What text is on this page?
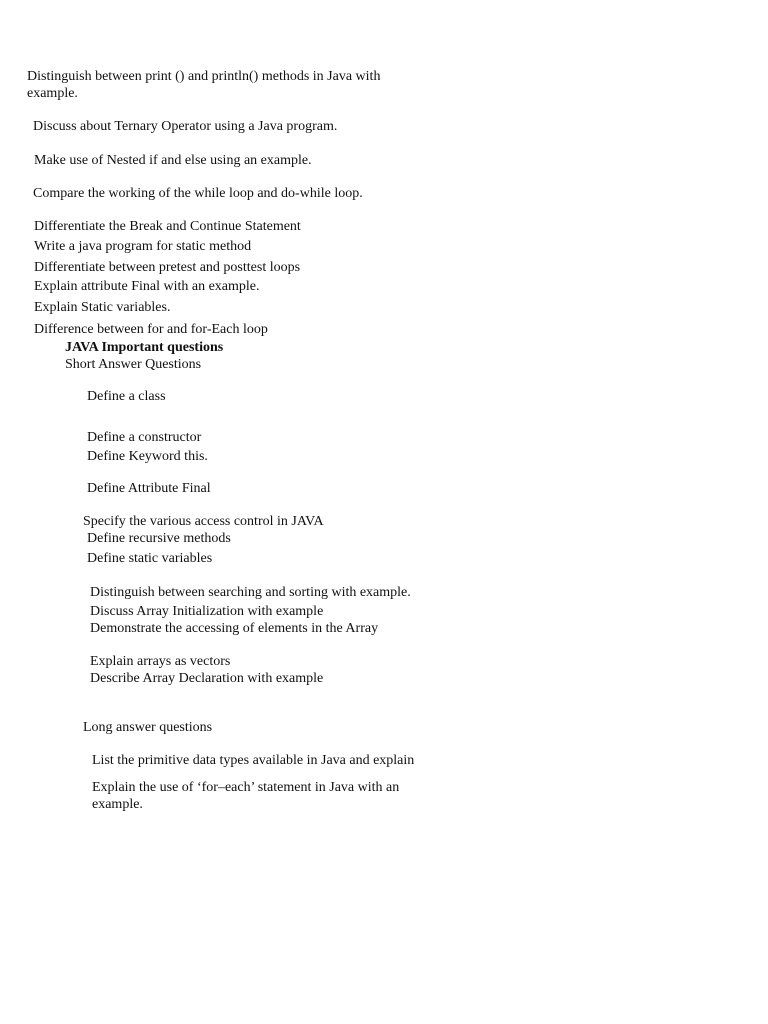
Distinguish between print () and println() methods in Java with example.
Discuss about Ternary Operator using a Java program.
Make use of Nested if and else using an example.
Compare the working of the while loop and do-while loop.
Differentiate the Break and Continue Statement
Write a java program for static method
Differentiate between pretest and posttest loops
Explain attribute Final with an example.
Explain Static variables.
Difference between for and for-Each loop
JAVA Important questions
Short Answer Questions
Define a class
Define a constructor
Define Keyword this.
Define Attribute Final
Specify the various access control in JAVA
Define recursive methods
Define static variables
Distinguish between searching and sorting with example.
Discuss Array Initialization with example
Demonstrate the accessing of elements in the Array
Explain arrays as vectors
Describe Array Declaration with example
Long answer questions
List the primitive data types available in Java and explain
Explain the use of ‘for–each’ statement in Java with an example.
